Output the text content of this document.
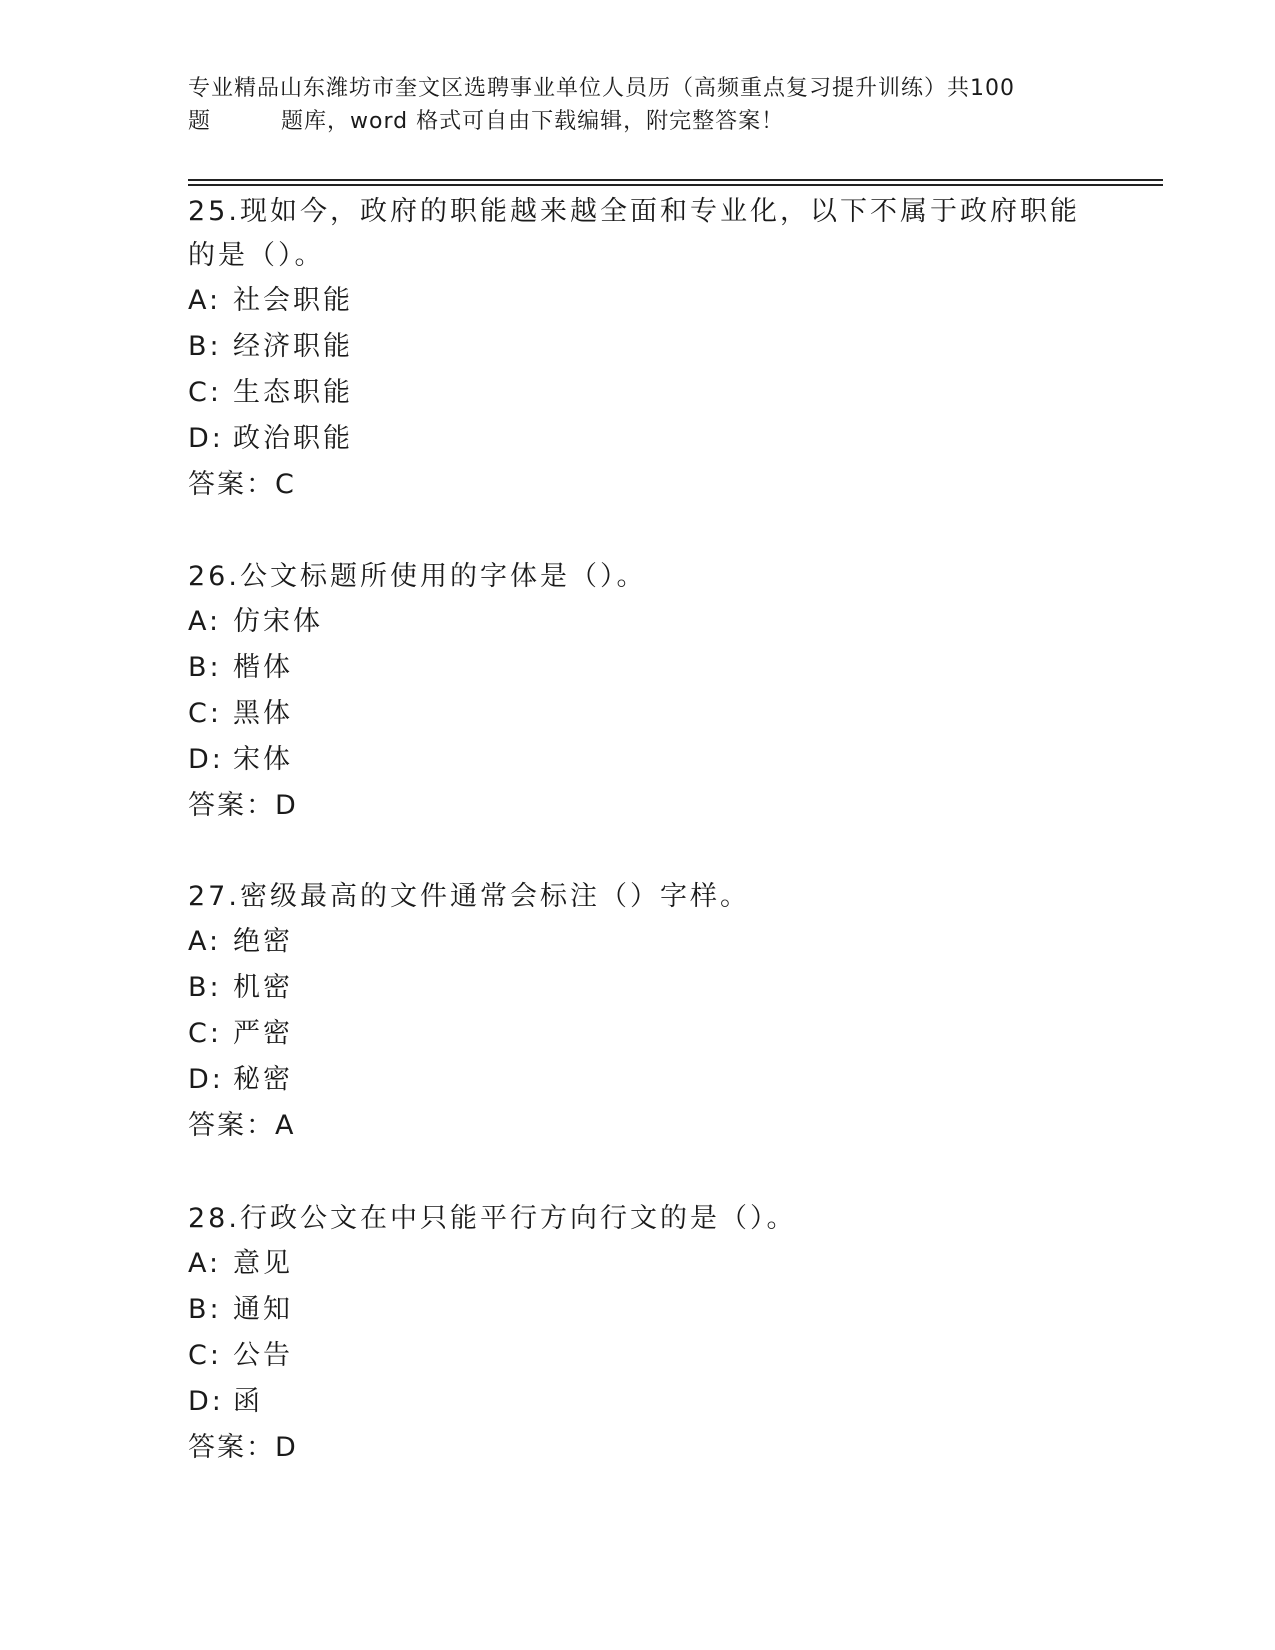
专业精品山东潍坊市奎文区选聘事业单位人员历（高频重点复习提升训练）共100
题	题库，word 格式可自由下载编辑，附完整答案！

25.现如今，政府的职能越来越全面和专业化，以下不属于政府职能的是（）。

A: 社会职能
B: 经济职能
C: 生态职能
D: 政治职能
答案：C

26.公文标题所使用的字体是（）。

A: 仿宋体
B: 楷体
C: 黑体
D: 宋体
答案：D

27.密级最高的文件通常会标注（）字样。

A: 绝密
B: 机密
C: 严密
D: 秘密
答案：A

28.行政公文在中只能平行方向行文的是（）。

A: 意见
B: 通知
C: 公告
D: 函
答案：D
